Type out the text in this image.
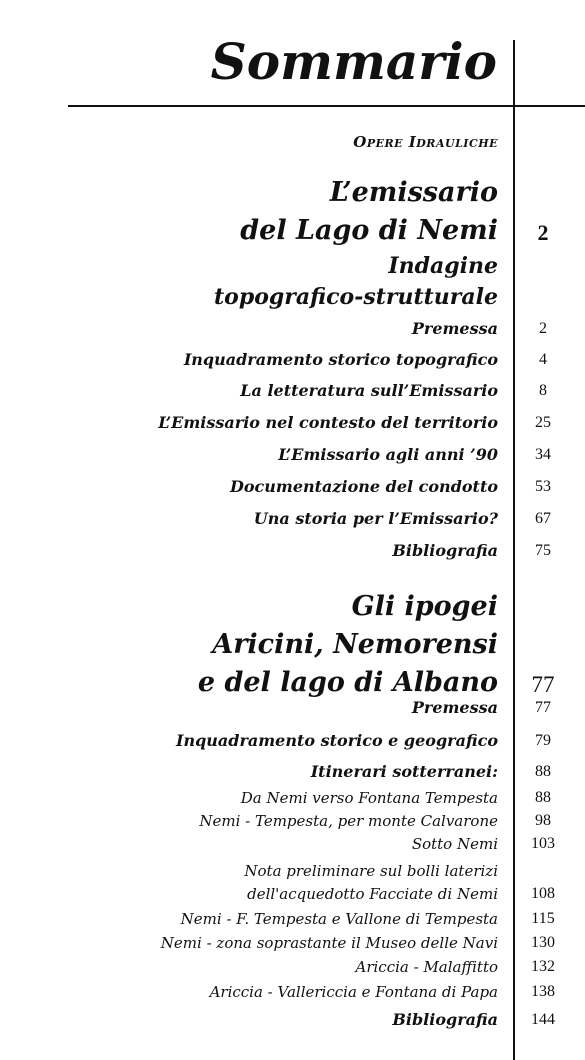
Sommario
Opere Idrauliche
L’emissario
del Lago di Nemi	2
Indagine
topografico-strutturale
Premessa	2
Inquadramento storico topografico	4
La letteratura sull’Emissario	8
L’Emissario nel contesto del territorio	25
L’Emissario agli anni ’90	34
Documentazione del condotto	53
Una storia per l’Emissario?	67
Bibliografia	75
Gli ipogei
Aricini, Nemorensi
e del lago di Albano	77
Premessa	77
Inquadramento storico e geografico	79
Itinerari sotterranei:	88
Da Nemi verso Fontana Tempesta	88
Nemi - Tempesta, per monte Calvarone	98
Sotto Nemi	103
Nota preliminare sul bolli laterizi
dell'acquedotto Facciate di Nemi	108
Nemi - F. Tempesta e Vallone di Tempesta	115
Nemi - zona soprastante il Museo delle Navi	130
Ariccia - Malaffitto	132
Ariccia - Vallericcia e Fontana di Papa	138
Bibliografia	144
